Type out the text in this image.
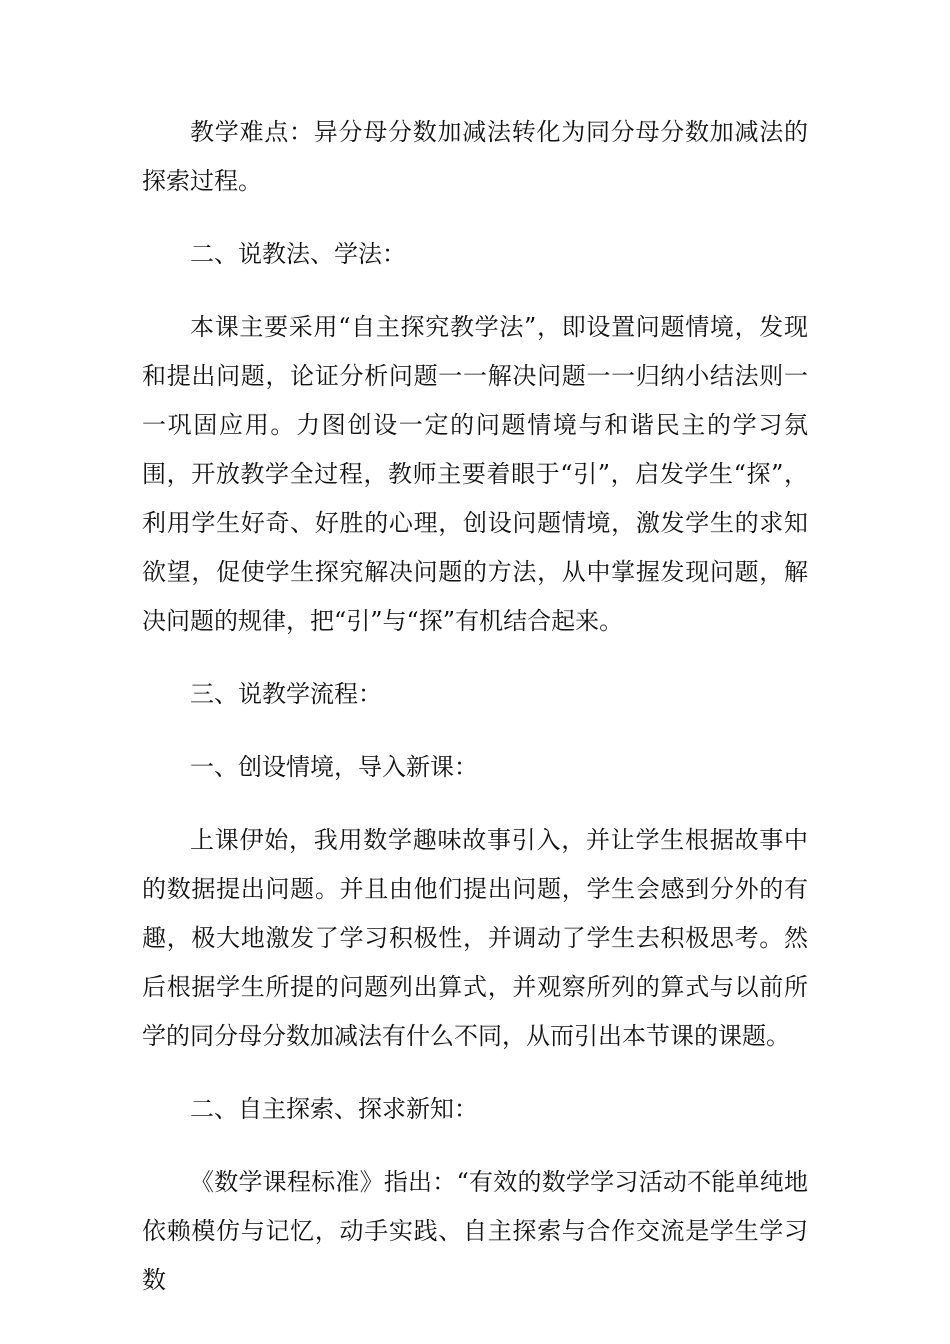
教学难点：异分母分数加减法转化为同分母分数加减法的探索过程。

二、说教法、学法：

本课主要采用“自主探究教学法”，即设置问题情境，发现和提出问题，论证分析问题一一解决问题一一归纳小结法则一一巩固应用。力图创设一定的问题情境与和谐民主的学习氛围，开放教学全过程，教师主要着眼于“引”，启发学生“探”，利用学生好奇、好胜的心理，创设问题情境，激发学生的求知欲望，促使学生探究解决问题的方法，从中掌握发现问题，解决问题的规律，把“引”与“探”有机结合起来。

三、说教学流程：

一、创设情境，导入新课：

上课伊始，我用数学趣味故事引入，并让学生根据故事中的数据提出问题。并且由他们提出问题，学生会感到分外的有趣，极大地激发了学习积极性，并调动了学生去积极思考。然后根据学生所提的问题列出算式，并观察所列的算式与以前所学的同分母分数加减法有什么不同，从而引出本节课的课题。

二、自主探索、探求新知：

《数学课程标准》指出：“有效的数学学习活动不能单纯地依赖模仿与记忆，动手实践、自主探索与合作交流是学生学习数
